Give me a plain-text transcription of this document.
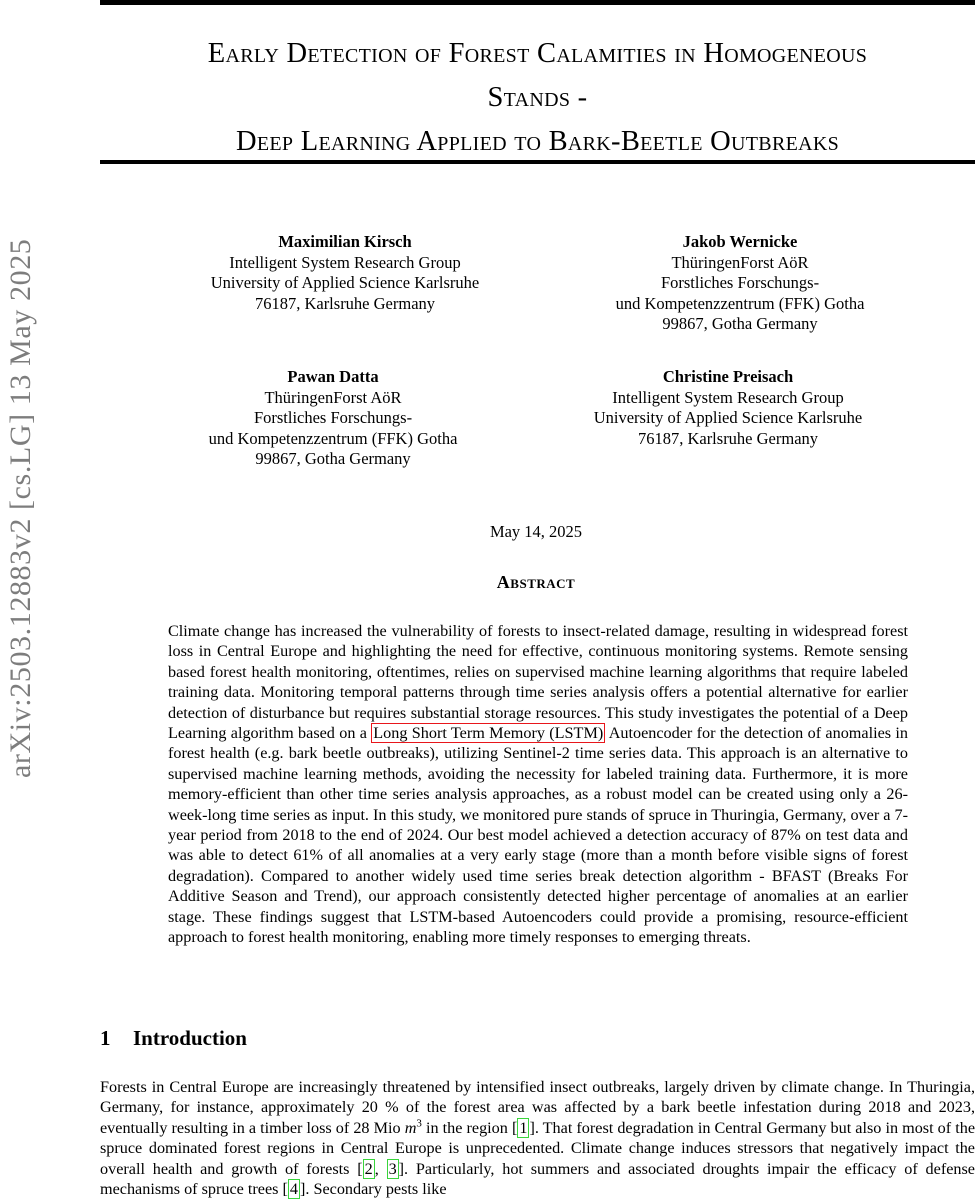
Early Detection of Forest Calamities in Homogeneous
Stands -
Deep Learning Applied to Bark-Beetle Outbreaks
arXiv:2503.12883v2 [cs.LG] 13 May 2025	Maximilian Kirsch
Intelligent System Research Group
University of Applied Science Karlsruhe
76187, Karlsruhe Germany
Jakob Wernicke
ThüringenForst AöR
Forstliches Forschungs-
und Kompetenzzentrum (FFK) Gotha
99867, Gotha Germany
Pawan Datta
ThüringenForst AöR
Forstliches Forschungs-
und Kompetenzzentrum (FFK) Gotha
99867, Gotha Germany
Christine Preisach
Intelligent System Research Group
University of Applied Science Karlsruhe
76187, Karlsruhe Germany
May 14, 2025
Abstract
Climate change has increased the vulnerability of forests to insect-related damage, resulting in widespread forest loss in Central Europe and highlighting the need for effective, continuous monitoring systems. Remote sensing based forest health monitoring, oftentimes, relies on supervised machine learning algorithms that require labeled training data. Monitoring temporal patterns through time series analysis offers a potential alternative for earlier detection of disturbance but requires substantial storage resources. This study investigates the potential of a Deep Learning algorithm based on a Long Short Term Memory (LSTM) Autoencoder for the detection of anomalies in forest health (e.g. bark beetle outbreaks), utilizing Sentinel-2 time series data. This approach is an alternative to supervised machine learning methods, avoiding the necessity for labeled training data. Furthermore, it is more memory-efficient than other time series analysis approaches, as a robust model can be created using only a 26-week-long time series as input. In this study, we monitored pure stands of spruce in Thuringia, Germany, over a 7-year period from 2018 to the end of 2024. Our best model achieved a detection accuracy of 87% on test data and was able to detect 61% of all anomalies at a very early stage (more than a month before visible signs of forest degradation). Compared to another widely used time series break detection algorithm - BFAST (Breaks For Additive Season and Trend), our approach consistently detected higher percentage of anomalies at an earlier stage. These findings suggest that LSTM-based Autoencoders could provide a promising, resource-efficient approach to forest health monitoring, enabling more timely responses to emerging threats.
1 Introduction
Forests in Central Europe are increasingly threatened by intensified insect outbreaks, largely driven by climate change. In Thuringia, Germany, for instance, approximately 20 % of the forest area was affected by a bark beetle infestation during 2018 and 2023, eventually resulting in a timber loss of 28 Mio $m^3$ in the region [ 1 ]. That forest degradation in Central Germany but also in most of the spruce dominated forest regions in Central Europe is unprecedented. Climate change induces stressors that negatively impact the overall health and growth of forests [ 2 , 3 ]. Particularly, hot summers and associated droughts impair the efficacy of defense mechanisms of spruce trees [ 4 ]. Secondary pests like
